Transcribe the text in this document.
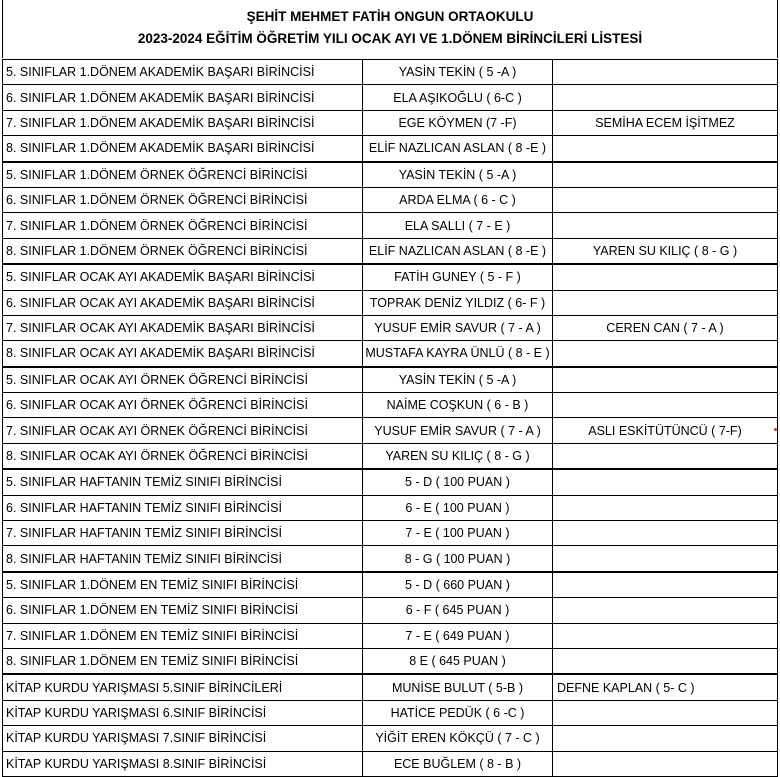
ŞEHİT MEHMET FATİH ONGUN ORTAOKULU
2023-2024 EĞİTİM ÖĞRETİM YILI OCAK AYI VE 1.DÖNEM BİRİNCİLERİ LİSTESİ
5. SINIFLAR 1.DÖNEM AKADEMİK BAŞARI BİRİNCİSİ	YASİN TEKİN ( 5 -A )	
6. SINIFLAR 1.DÖNEM AKADEMİK BAŞARI BİRİNCİSİ	ELA AŞIKOĞLU ( 6-C )	
7. SINIFLAR 1.DÖNEM AKADEMİK BAŞARI BİRİNCİSİ	EGE KÖYMEN (7 -F)	SEMİHA ECEM İŞİTMEZ
8. SINIFLAR 1.DÖNEM AKADEMİK BAŞARI BİRİNCİSİ	ELİF NAZLICAN ASLAN ( 8 -E )	
5. SINIFLAR 1.DÖNEM ÖRNEK ÖĞRENCİ BİRİNCİSİ	YASİN TEKİN ( 5 -A )	
6. SINIFLAR 1.DÖNEM ÖRNEK ÖĞRENCİ BİRİNCİSİ	ARDA ELMA ( 6 - C )	
7. SINIFLAR 1.DÖNEM ÖRNEK ÖĞRENCİ BİRİNCİSİ	ELA SALLI ( 7 - E )	
8. SINIFLAR 1.DÖNEM ÖRNEK ÖĞRENCİ BİRİNCİSİ	ELİF NAZLICAN ASLAN ( 8 -E )	YAREN SU KILIÇ ( 8 - G )
5. SINIFLAR OCAK AYI AKADEMİK BAŞARI BİRİNCİSİ	FATİH GUNEY ( 5 - F )	
6. SINIFLAR OCAK AYI AKADEMİK BAŞARI BİRİNCİSİ	TOPRAK DENİZ YILDIZ ( 6- F )	
7. SINIFLAR OCAK AYI AKADEMİK BAŞARI BİRİNCİSİ	YUSUF EMİR SAVUR ( 7 - A )	CEREN CAN ( 7 - A )
8. SINIFLAR OCAK AYI AKADEMİK BAŞARI BİRİNCİSİ	MUSTAFA KAYRA ÜNLÜ ( 8 - E )	
5. SINIFLAR OCAK AYI ÖRNEK ÖĞRENCİ BİRİNCİSİ	YASİN TEKİN ( 5 -A )	
6. SINIFLAR OCAK AYI ÖRNEK ÖĞRENCİ BİRİNCİSİ	NAİME COŞKUN ( 6 - B )	
7. SINIFLAR OCAK AYI ÖRNEK ÖĞRENCİ BİRİNCİSİ	YUSUF EMİR SAVUR ( 7 - A )	ASLI ESKİTÜTÜNCÜ ( 7-F)
8. SINIFLAR OCAK AYI ÖRNEK ÖĞRENCİ BİRİNCİSİ	YAREN SU KILIÇ ( 8 - G )	
5. SINIFLAR HAFTANIN TEMİZ SINIFI BİRİNCİSİ	5 - D ( 100 PUAN )	
6. SINIFLAR HAFTANIN TEMİZ SINIFI BİRİNCİSİ	6 - E ( 100 PUAN )	
7. SINIFLAR HAFTANIN TEMİZ SINIFI BİRİNCİSİ	7 - E ( 100 PUAN )	
8. SINIFLAR HAFTANIN TEMİZ SINIFI BİRİNCİSİ	8 - G ( 100 PUAN )	
5. SINIFLAR 1.DÖNEM EN TEMİZ SINIFI BİRİNCİSİ	5 - D ( 660 PUAN )	
6. SINIFLAR 1.DÖNEM EN TEMİZ SINIFI BİRİNCİSİ	6 - F ( 645 PUAN )	
7. SINIFLAR 1.DÖNEM EN TEMİZ SINIFI BİRİNCİSİ	7 - E ( 649 PUAN )	
8. SINIFLAR 1.DÖNEM EN TEMİZ SINIFI BİRİNCİSİ	8 E ( 645 PUAN )	
KİTAP KURDU YARIŞMASI 5.SINIF BİRİNCİLERİ	MUNİSE BULUT ( 5-B )	DEFNE KAPLAN ( 5- C )
KİTAP KURDU YARIŞMASI 6.SINIF BİRİNCİSİ	HATİCE PEDÜK ( 6 -C )	
KİTAP KURDU YARIŞMASI 7.SINIF BİRİNCİSİ	YİĞİT EREN KÖKÇÜ ( 7 - C )	
KİTAP KURDU YARIŞMASI 8.SINIF BİRİNCİSİ	ECE BUĞLEM ( 8 - B )	
